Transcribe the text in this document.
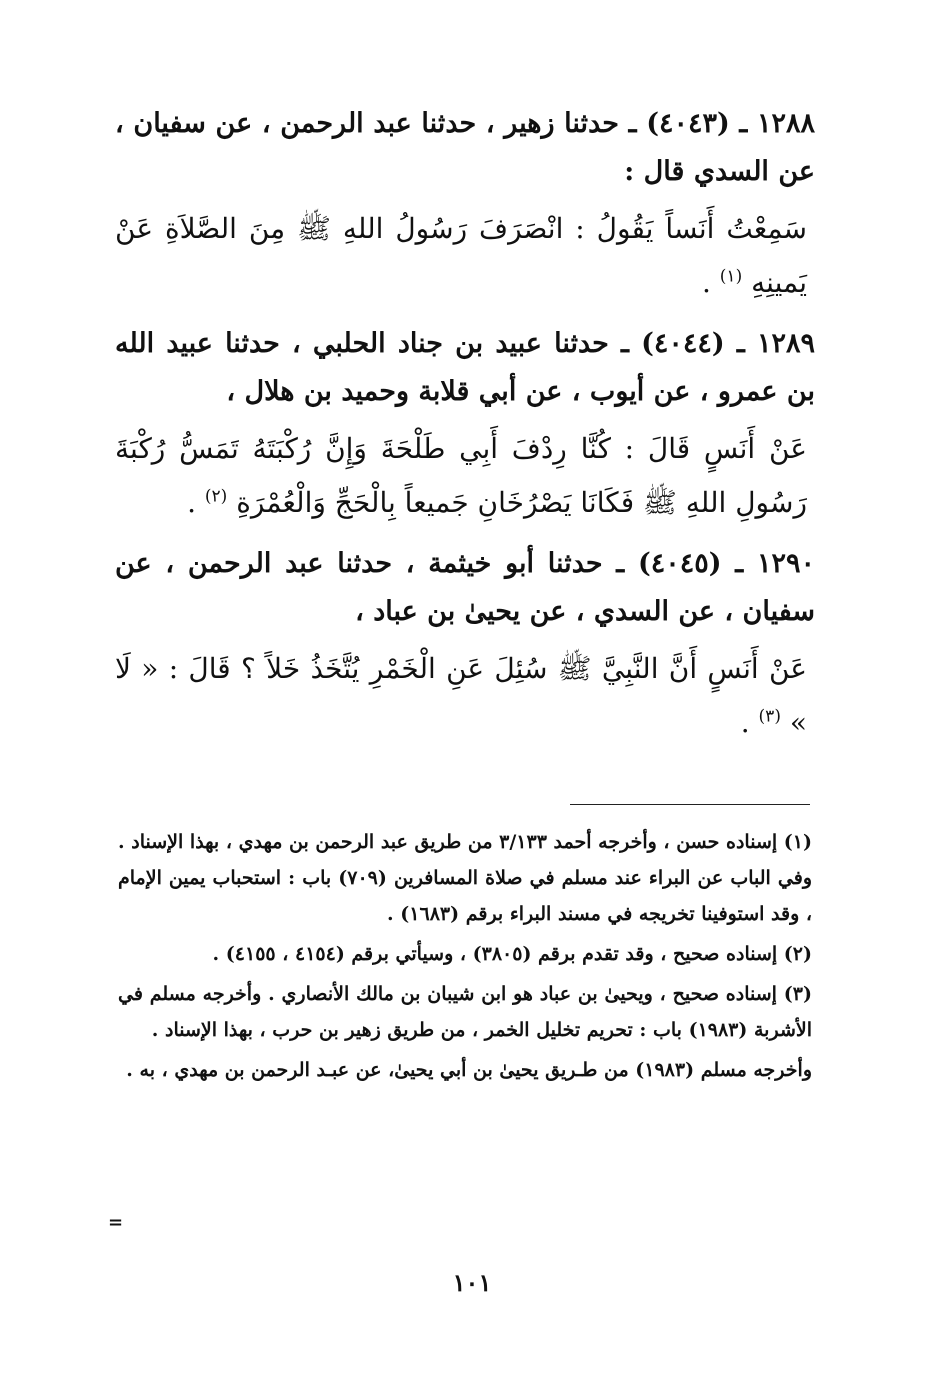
١٢٨٨ ـ (٤٠٤٣) ـ حدثنا زهير ، حدثنا عبد الرحمن ، عن سفيان ، عن السدي قال :

سَمِعْتُ أَنَساً يَقُولُ : انْصَرَفَ رَسُولُ اللهِ ﷺ مِنَ الصَّلاَةِ عَنْ يَمينِهِ $^{(١)}$ .

١٢٨٩ ـ (٤٠٤٤) ـ حدثنا عبيد بن جناد الحلبي ، حدثنا عبيد الله بن عمرو ، عن أيوب ، عن أبي قلابة وحميد بن هلال ،

عَنْ أَنَسٍ قَالَ : كُنَّا رِدْفَ أَبِي طَلْحَةَ وَإِنَّ رُكْبَتَهُ تَمَسُّ رُكْبَةَ رَسُولِ اللهِ ﷺ فَكَانَا يَصْرُخَانِ جَميعاً بِالْحَجِّ وَالْعُمْرَةِ $^{(٢)}$ .

١٢٩٠ ـ (٤٠٤٥) ـ حدثنا أبو خيثمة ، حدثنا عبد الرحمن ، عن سفيان ، عن السدي ، عن يحيىٰ بن عباد ،

عَنْ أَنَسٍ أَنَّ النَّبِيَّ ﷺ سُئِلَ عَنِ الْخَمْرِ يُتَّخَذُ خَلاً ؟ قَالَ : « لَا » $^{(٣)}$ .

(١) إسناده حسن ، وأخرجه أحمد ٣/١٣٣ من طريق عبد الرحمن بن مهدي ، بهذا الإسناد . وفي الباب عن البراء عند مسلم في صلاة المسافرين (٧٠٩) باب : استحباب يمين الإمام ، وقد استوفينا تخريجه في مسند البراء برقم (١٦٨٣) .

(٢) إسناده صحيح ، وقد تقدم برقم (٣٨٠٥) ، وسيأتي برقم (٤١٥٤ ، ٤١٥٥) .

(٣) إسناده صحيح ، ويحيىٰ بن عباد هو ابن شيبان بن مالك الأنصاري . وأخرجه مسلم في الأشربة (١٩٨٣) باب : تحريم تخليل الخمر ، من طريق زهير بن حرب ، بهذا الإسناد .

وأخرجه مسلم (١٩٨٣) من طـريق يحيىٰ بن أبي يحيىٰ، عن عبـد الرحمن بن مهدي ، به .

=
١٠١
